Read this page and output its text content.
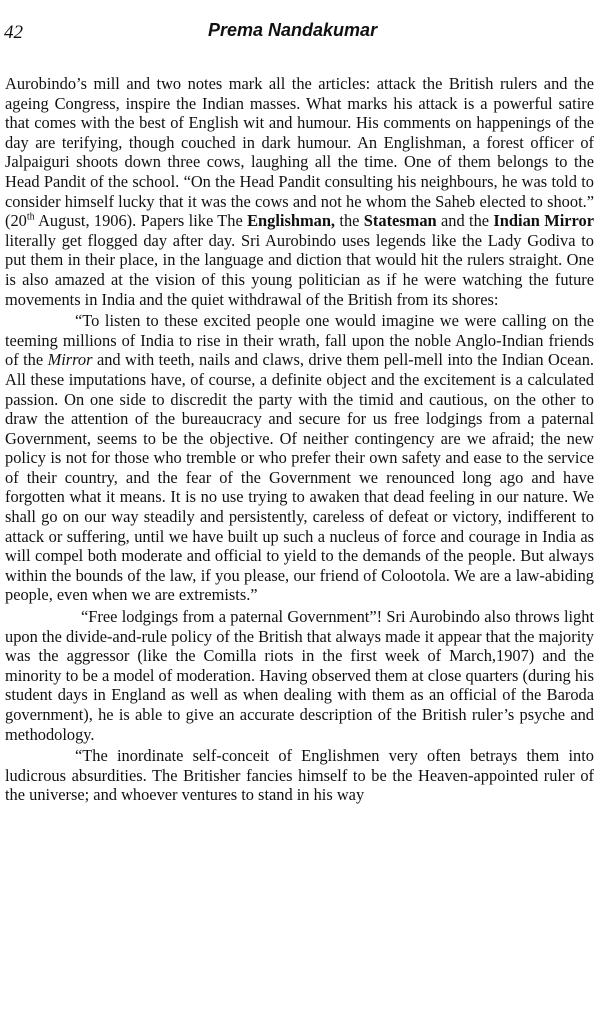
42	Prema Nandakumar

Aurobindo’s mill and two notes mark all the articles: attack the British rulers and the ageing Congress, inspire the Indian masses. What marks his attack is a powerful satire that comes with the best of English wit and humour. His comments on happenings of the day are terifying, though couched in dark humour. An Englishman, a forest officer of Jalpaiguri shoots down three cows, laughing all the time. One of them belongs to the Head Pandit of the school. “On the Head Pandit consulting his neighbours, he was told to consider himself lucky that it was the cows and not he whom the Saheb elected to shoot.” (20th August, 1906). Papers like The Englishman, the Statesman and the Indian Mirror literally get flogged day after day. Sri Aurobindo uses legends like the Lady Godiva to put them in their place, in the language and diction that would hit the rulers straight. One is also amazed at the vision of this young politician as if he were watching the future movements in India and the quiet withdrawal of the British from its shores:

“To listen to these excited people one would imagine we were calling on the teeming millions of India to rise in their wrath, fall upon the noble Anglo-Indian friends of the Mirror and with teeth, nails and claws, drive them pell-mell into the Indian Ocean. All these imputations have, of course, a definite object and the excitement is a calculated passion. On one side to discredit the party with the timid and cautious, on the other to draw the attention of the bureaucracy and secure for us free lodgings from a paternal Government, seems to be the objective. Of neither contingency are we afraid; the new policy is not for those who tremble or who prefer their own safety and ease to the service of their country, and the fear of the Government we renounced long ago and have forgotten what it means. It is no use trying to awaken that dead feeling in our nature. We shall go on our way steadily and persistently, careless of defeat or victory, indifferent to attack or suffering, until we have built up such a nucleus of force and courage in India as will compel both moderate and official to yield to the demands of the people. But always within the bounds of the law, if you please, our friend of Colootola. We are a law-abiding people, even when we are extremists.”

“Free lodgings from a paternal Government”! Sri Aurobindo also throws light upon the divide-and-rule policy of the British that always made it appear that the majority was the aggressor (like the Comilla riots in the first week of March,1907) and the minority to be a model of moderation. Having observed them at close quarters (during his student days in England as well as when dealing with them as an official of the Baroda government), he is able to give an accurate description of the British ruler’s psyche and methodology.

“The inordinate self-conceit of Englishmen very often betrays them into ludicrous absurdities. The Britisher fancies himself to be the Heaven-appointed ruler of the universe; and whoever ventures to stand in his way
